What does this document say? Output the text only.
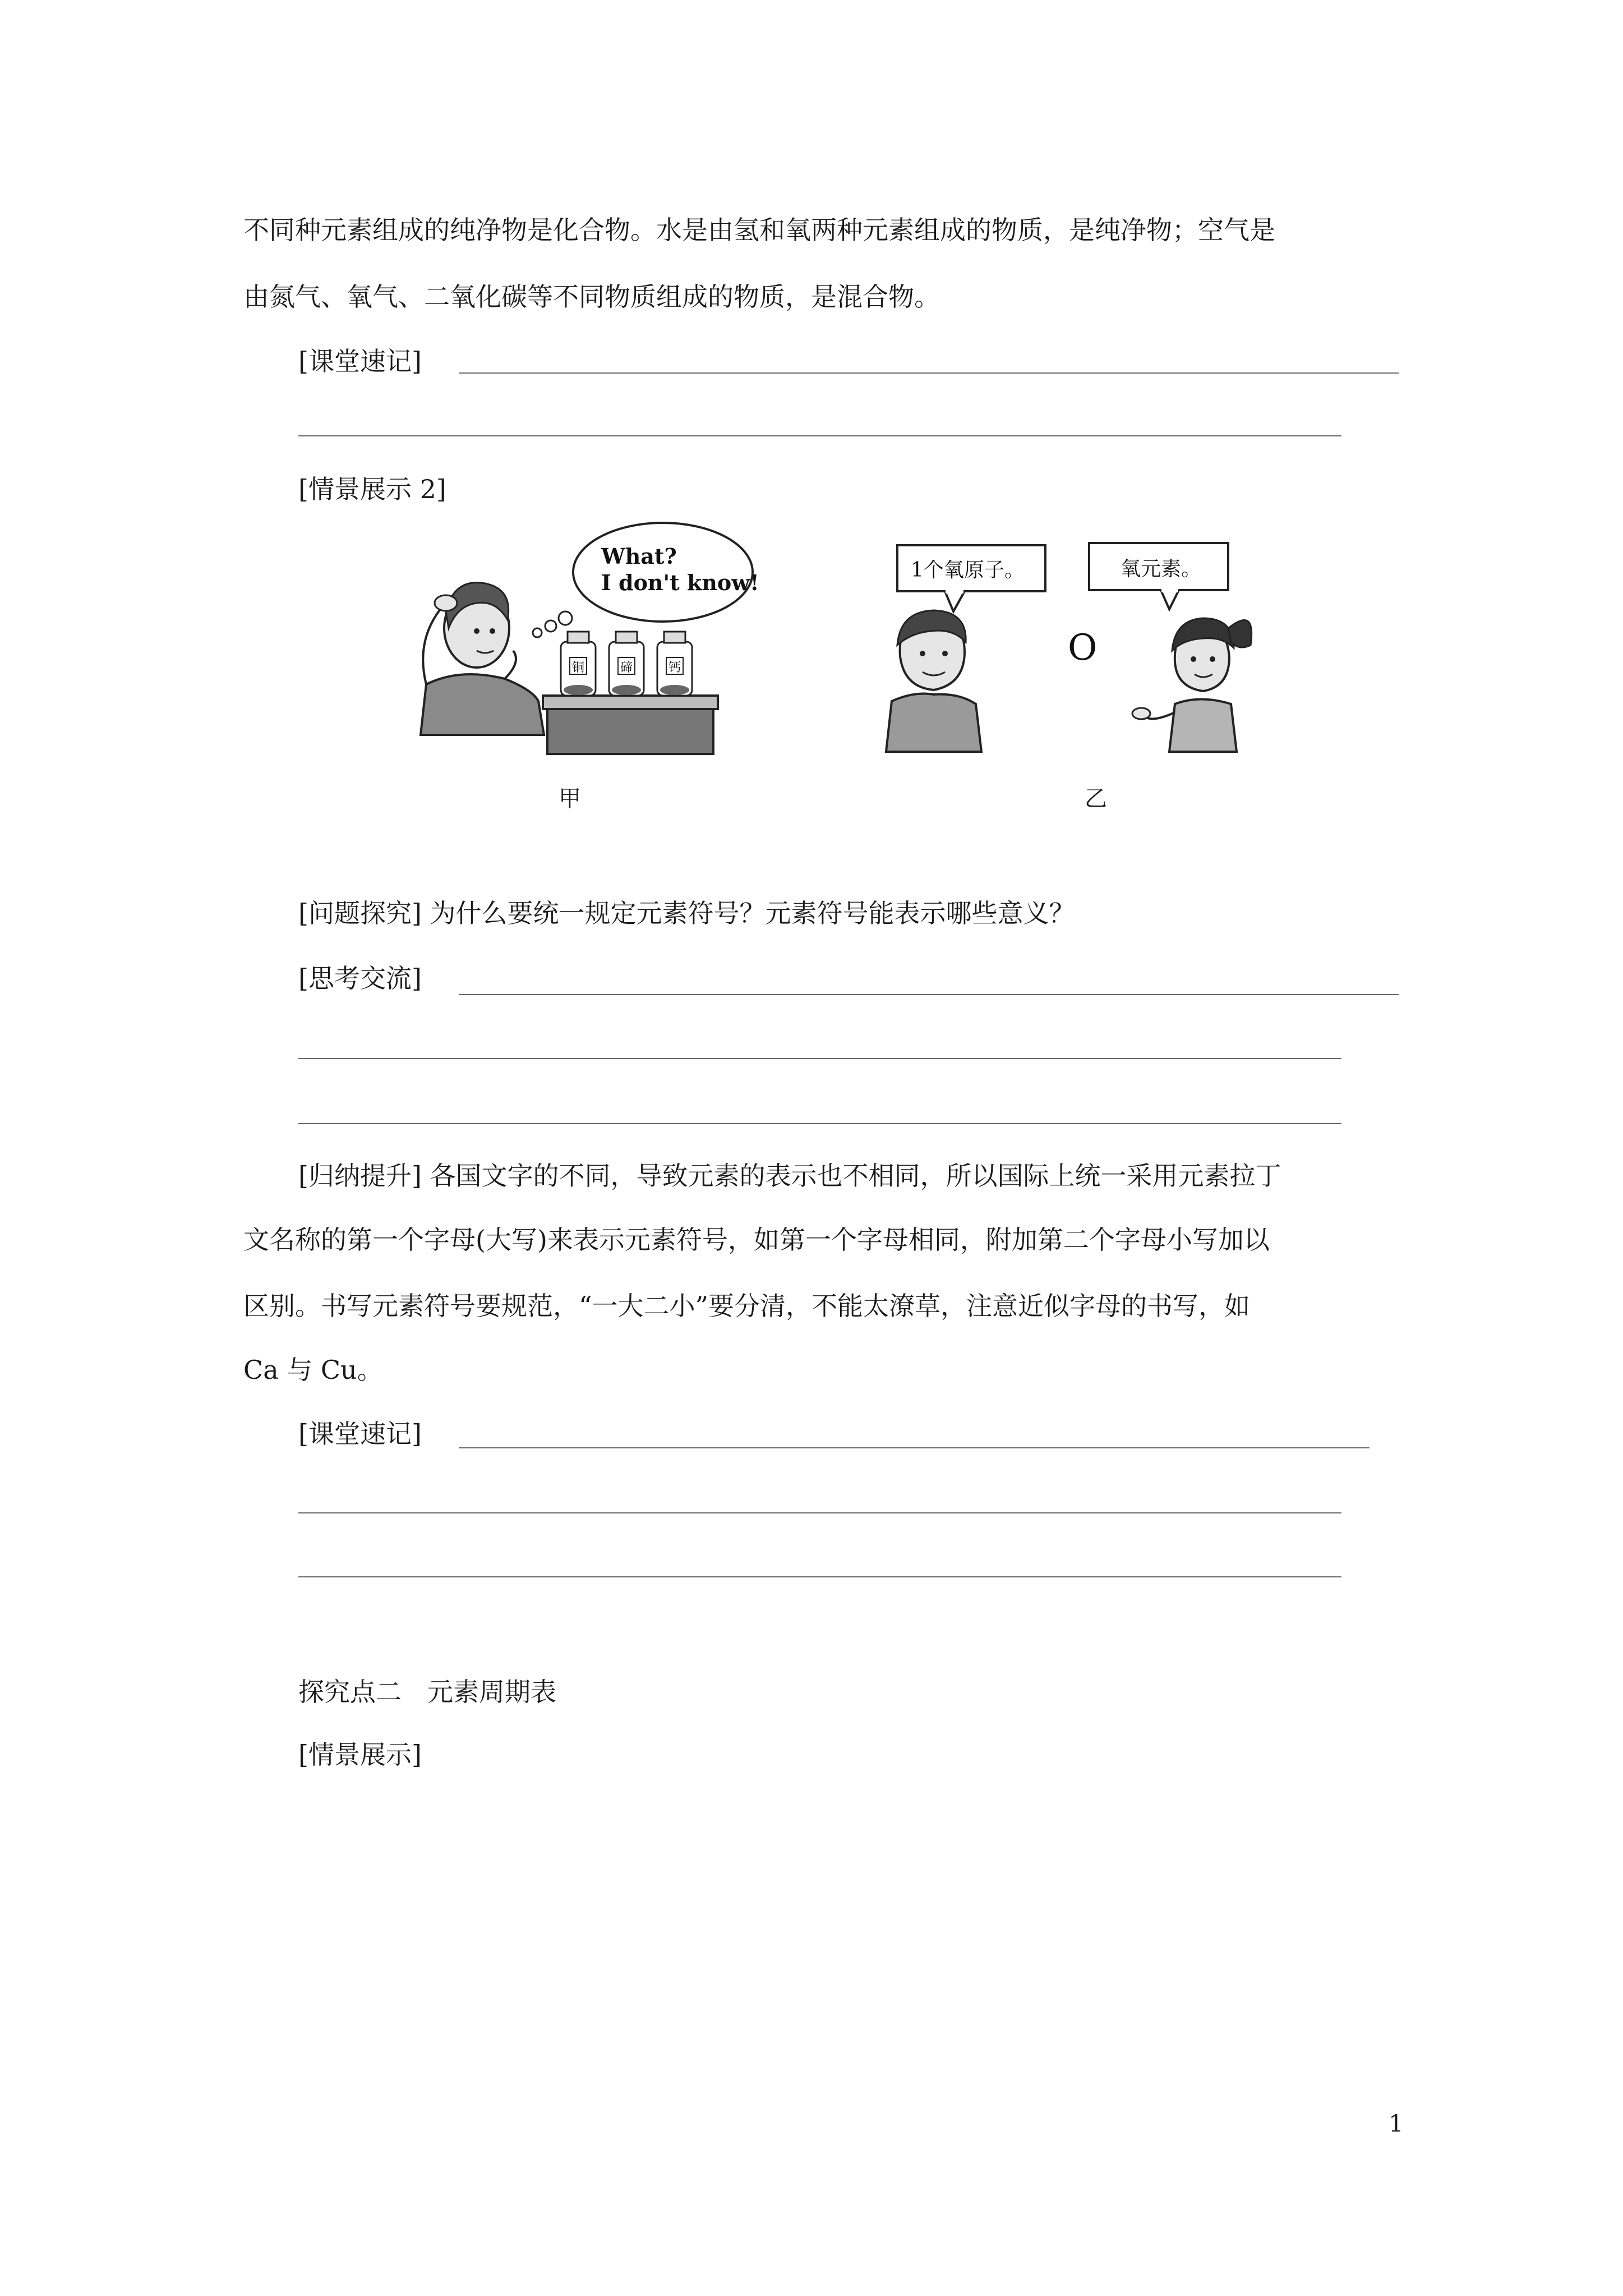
不同种元素组成的纯净物是化合物。水是由氢和氧两种元素组成的物质，是纯净物；空气是
由氮气、氧气、二氧化碳等不同物质组成的物质，是混合物。
[课堂速记]
[情景展示 2]
What?
I don't know!
铜	碲	钙
1个氧原子。	氧元素。
O
甲	乙
[问题探究] 为什么要统一规定元素符号？元素符号能表示哪些意义？
[思考交流]
[归纳提升] 各国文字的不同，导致元素的表示也不相同，所以国际上统一采用元素拉丁
文名称的第一个字母(大写)来表示元素符号，如第一个字母相同，附加第二个字母小写加以
区别。书写元素符号要规范，“一大二小”要分清，不能太潦草，注意近似字母的书写，如
Ca 与 Cu。
[课堂速记]
探究点二　元素周期表
[情景展示]
1
